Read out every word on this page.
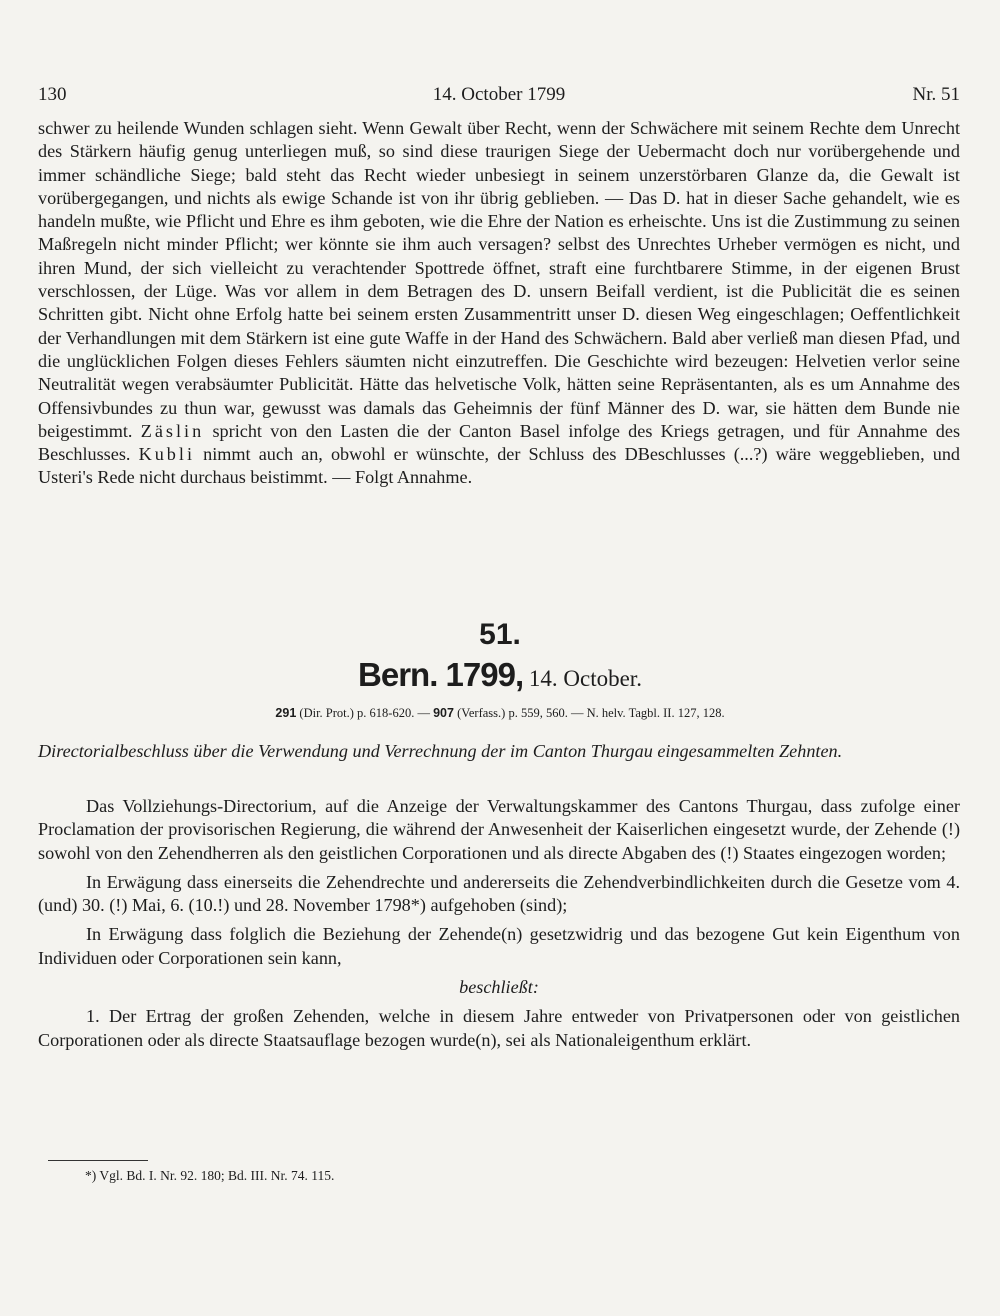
130	14. October 1799	Nr. 51

schwer zu heilende Wunden schlagen sieht. Wenn Gewalt über Recht, wenn der Schwächere mit seinem Rechte dem Unrecht des Stärkern häufig genug unterliegen muß, so sind diese traurigen Siege der Uebermacht doch nur vorübergehende und immer schändliche Siege; bald steht das Recht wieder unbesiegt in seinem unzerstörbaren Glanze da, die Gewalt ist vorübergegangen, und nichts als ewige Schande ist von ihr übrig geblieben. — Das D. hat in dieser Sache gehandelt, wie es handeln mußte, wie Pflicht und Ehre es ihm geboten, wie die Ehre der Nation es erheischte. Uns ist die Zustimmung zu seinen Maßregeln nicht minder Pflicht; wer könnte sie ihm auch versagen? selbst des Unrechtes Urheber vermögen es nicht, und ihren Mund, der sich vielleicht zu verachtender Spottrede öffnet, straft eine furchtbarere Stimme, in der eigenen Brust verschlossen, der Lüge. Was vor allem in dem Betragen des D. unsern Beifall verdient, ist die Publicität die es seinen Schritten gibt. Nicht ohne Erfolg hatte bei seinem ersten Zusammentritt unser D. diesen Weg eingeschlagen; Oeffentlichkeit der Verhandlungen mit dem Stärkern ist eine gute Waffe in der Hand des Schwächern. Bald aber verließ man diesen Pfad, und die unglücklichen Folgen dieses Fehlers säumten nicht einzutreffen. Die Geschichte wird bezeugen: Helvetien verlor seine Neutralität wegen verabsäumter Publicität. Hätte das helvetische Volk, hätten seine Repräsentanten, als es um Annahme des Offensivbundes zu thun war, gewusst was damals das Geheimnis der fünf Männer des D. war, sie hätten dem Bunde nie beigestimmt. Zäslin spricht von den Lasten die der Canton Basel infolge des Kriegs getragen, und für Annahme des Beschlusses. Kubli nimmt auch an, obwohl er wünschte, der Schluss des DBeschlusses (...?) wäre weggeblieben, und Usteri's Rede nicht durchaus beistimmt. — Folgt Annahme.

51.
Bern. 1799, 14. October.
291 (Dir. Prot.) p. 618-620. — 907 (Verfass.) p. 559, 560. — N. helv. Tagbl. II. 127, 128.
Directorialbeschluss über die Verwendung und Verrechnung der im Canton Thurgau eingesammelten Zehnten.

Das Vollziehungs-Directorium, auf die Anzeige der Verwaltungskammer des Cantons Thurgau, dass zufolge einer Proclamation der provisorischen Regierung, die während der Anwesenheit der Kaiserlichen eingesetzt wurde, der Zehende (!) sowohl von den Zehendherren als den geistlichen Corporationen und als directe Abgaben des (!) Staates eingezogen worden;

In Erwägung dass einerseits die Zehendrechte und andererseits die Zehendverbindlichkeiten durch die Gesetze vom 4. (und) 30. (!) Mai, 6. (10.!) und 28. November 1798*) aufgehoben (sind);

In Erwägung dass folglich die Beziehung der Zehende(n) gesetzwidrig und das bezogene Gut kein Eigenthum von Individuen oder Corporationen sein kann,

beschließt:

1. Der Ertrag der großen Zehenden, welche in diesem Jahre entweder von Privatpersonen oder von geistlichen Corporationen oder als directe Staatsauflage bezogen wurde(n), sei als Nationaleigenthum erklärt.

*) Vgl. Bd. I. Nr. 92. 180; Bd. III. Nr. 74. 115.
